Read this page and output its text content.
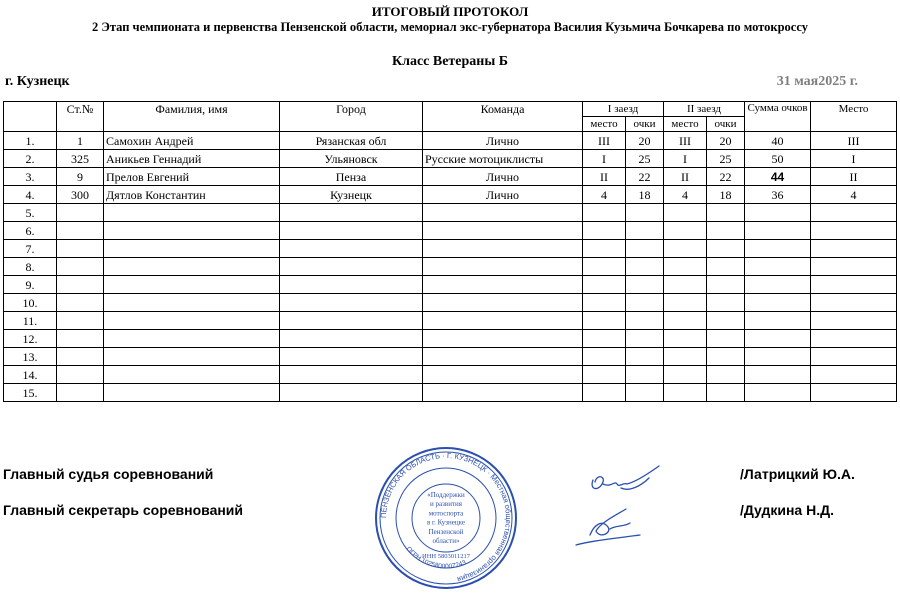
ИТОГОВЫЙ ПРОТОКОЛ
2 Этап чемпионата и первенства Пензенской области, мемориал экс-губернатора Василия Кузьмича Бочкарева по мотокроссу
Класс Ветераны Б
г. Кузнецк	31 мая2025 г.
	Ст.№	Фамилия, имя	Город	Команда	I заезд		II заезд		Сумма очков	Место
					место	очки	место	очки		
1.	1	Самохин Андрей	Рязанская обл	Лично	III	20	III	20	40	III
2.	325	Аникьев Геннадий	Ульяновск	Русские мотоциклисты	I	25	I	25	50	I
3.	9	Прелов Евгений	Пенза	Лично	II	22	II	22	44	II
4.	300	Дятлов Константин	Кузнецк	Лично	4	18	4	18	36	4
5.										
6.										
7.										
8.										
9.										
10.										
11.										
12.										
13.										
14.										
15.										
Главный судья соревнований	/Латрицкий Ю.А.
Главный секретарь соревнований	/Дудкина Н.Д.
ПЕНЗЕНСКАЯ ОБЛАСТЬ · Г. КУЗНЕЦК · Местная общественная организация
ОГРН 1025800007243
«Поддержки
и развития
мотоспорта
в г. Кузнецке
Пензенской
области»
ИНН 5803011217
